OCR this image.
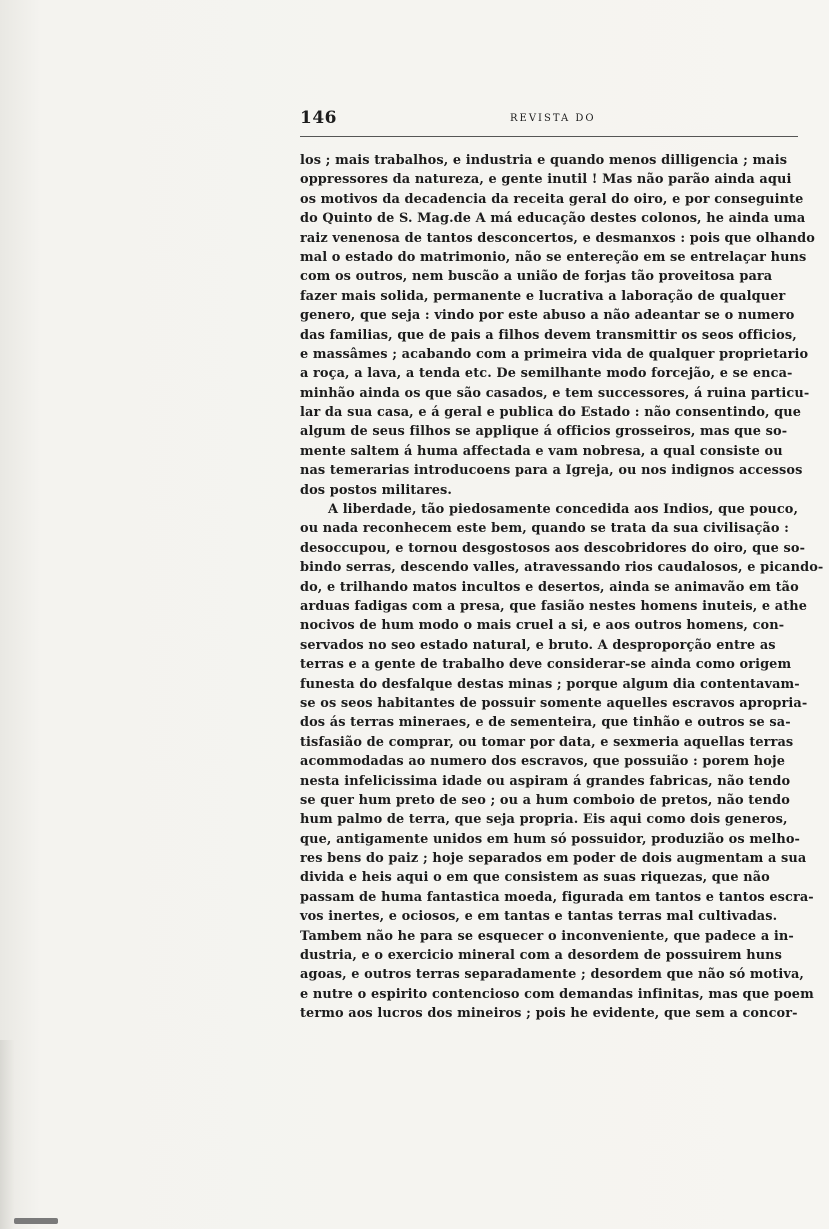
146	REVISTA DO
los ; mais trabalhos, e industria e quando menos dilligencia ; mais
oppressores da natureza, e gente inutil ! Mas não parão ainda aqui
os motivos da decadencia da receita geral do oiro, e por conseguinte
do Quinto de S. Mag.de A má educação destes colonos, he ainda uma
raiz venenosa de tantos desconcertos, e desmanxos : pois que olhando
mal o estado do matrimonio, não se entereção em se entrelaçar huns
com os outros, nem buscão a união de forjas tão proveitosa para
fazer mais solida, permanente e lucrativa a laboração de qualquer
genero, que seja : vindo por este abuso a não adeantar se o numero
das familias, que de pais a filhos devem transmittir os seos officios,
e massâmes ; acabando com a primeira vida de qualquer proprietario
a roça, a lava, a tenda etc. De semilhante modo forcejão, e se enca-
minhão ainda os que são casados, e tem successores, á ruina particu-
lar da sua casa, e á geral e publica do Estado : não consentindo, que
algum de seus filhos se applique á officios grosseiros, mas que so-
mente saltem á huma affectada e vam nobresa, a qual consiste ou
nas temerarias introducoens para a Igreja, ou nos indignos accessos
dos postos militares.
A liberdade, tão piedosamente concedida aos Indios, que pouco,
ou nada reconhecem este bem, quando se trata da sua civilisação :
desoccupou, e tornou desgostosos aos descobridores do oiro, que so-
bindo serras, descendo valles, atravessando rios caudalosos, e picando-
do, e trilhando matos incultos e desertos, ainda se animavão em tão
arduas fadigas com a presa, que fasião nestes homens inuteis, e athe
nocivos de hum modo o mais cruel a si, e aos outros homens, con-
servados no seo estado natural, e bruto. A desproporção entre as
terras e a gente de trabalho deve considerar-se ainda como origem
funesta do desfalque destas minas ; porque algum dia contentavam-
se os seos habitantes de possuir somente aquelles escravos apropria-
dos ás terras mineraes, e de sementeira, que tinhão e outros se sa-
tisfasião de comprar, ou tomar por data, e sexmeria aquellas terras
acommodadas ao numero dos escravos, que possuião : porem hoje
nesta infelicissima idade ou aspiram á grandes fabricas, não tendo
se quer hum preto de seo ; ou a hum comboio de pretos, não tendo
hum palmo de terra, que seja propria. Eis aqui como dois generos,
que, antigamente unidos em hum só possuidor, produzião os melho-
res bens do paiz ; hoje separados em poder de dois augmentam a sua
divida e heis aqui o em que consistem as suas riquezas, que não
passam de huma fantastica moeda, figurada em tantos e tantos escra-
vos inertes, e ociosos, e em tantas e tantas terras mal cultivadas.
Tambem não he para se esquecer o inconveniente, que padece a in-
dustria, e o exercicio mineral com a desordem de possuirem huns
agoas, e outros terras separadamente ; desordem que não só motiva,
e nutre o espirito contencioso com demandas infinitas, mas que poem
termo aos lucros dos mineiros ; pois he evidente, que sem a concor-
